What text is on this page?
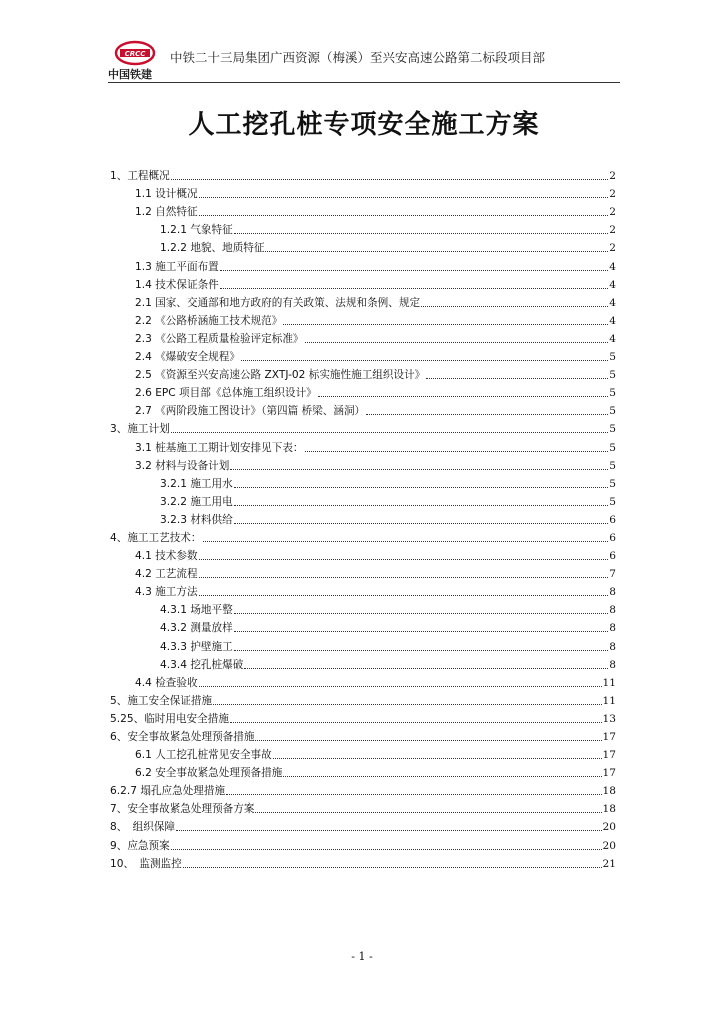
CRCC
中国铁建
中铁二十三局集团广西资源（梅溪）至兴安高速公路第二标段项目部
人工挖孔桩专项安全施工方案
1、工程概况	2
1.1 设计概况	2
1.2 自然特征	2
1.2.1 气象特征	2
1.2.2 地貌、地质特征	2
1.3 施工平面布置	4
1.4 技术保证条件	4
2.1 国家、交通部和地方政府的有关政策、法规和条例、规定	4
2.2 《公路桥涵施工技术规范》	4
2.3 《公路工程质量检验评定标准》	4
2.4 《爆破安全规程》	5
2.5 《资源至兴安高速公路 ZXTJ-02 标实施性施工组织设计》	5
2.6 EPC 项目部《总体施工组织设计》	5
2.7 《两阶段施工图设计》（第四篇 桥梁、涵洞）	5
3、施工计划	5
3.1 桩基施工工期计划安排见下表：	5
3.2 材料与设备计划	5
3.2.1 施工用水	5
3.2.2 施工用电	5
3.2.3 材料供给	6
4、施工工艺技术：	6
4.1 技术参数	6
4.2 工艺流程	7
4.3 施工方法	8
4.3.1 场地平整	8
4.3.2 测量放样	8
4.3.3 护壁施工	8
4.3.4 挖孔桩爆破	8
4.4 检查验收	11
5、施工安全保证措施	11
5.25、临时用电安全措施	13
6、安全事故紧急处理预备措施	17
6.1 人工挖孔桩常见安全事故	17
6.2 安全事故紧急处理预备措施	17
6.2.7 塌孔应急处理措施	18
7、安全事故紧急处理预备方案	18
8、　组织保障	20
9、应急预案	20
10、　监测监控	21
- 1 -
